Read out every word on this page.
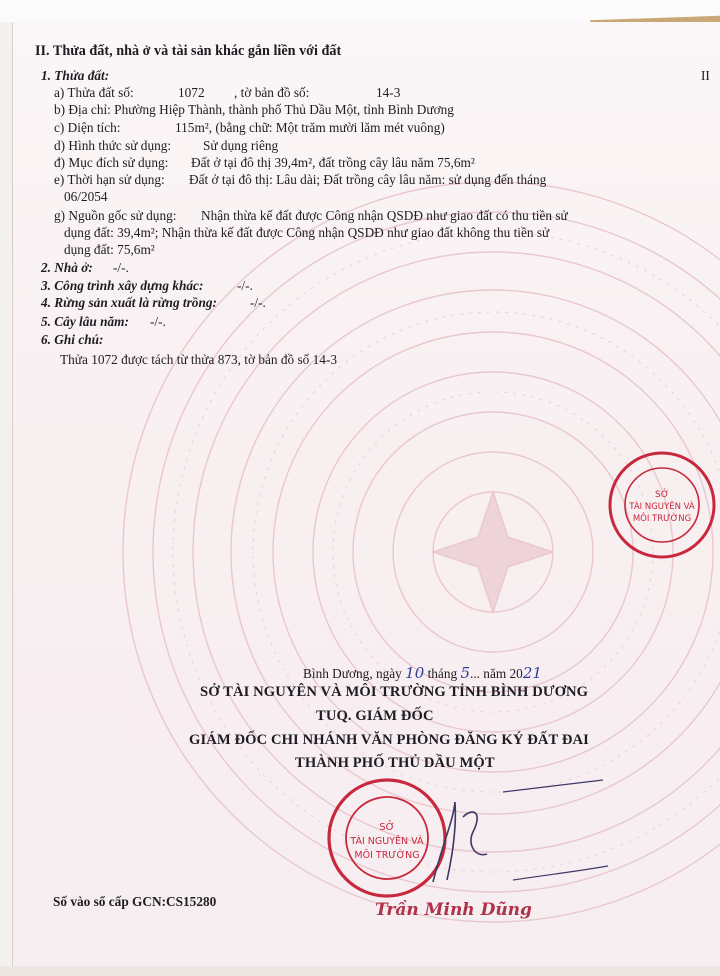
II. Thửa đất, nhà ở và tài sản khác gắn liền với đất
II
1. Thửa đất:
a) Thửa đất số:	1072 , tờ bản đồ số:	14-3
b) Địa chỉ: Phường Hiệp Thành, thành phố Thủ Dầu Một, tỉnh Bình Dương
c) Diện tích:	115m², (bằng chữ: Một trăm mười lăm mét vuông)
d) Hình thức sử dụng: Sử dụng riêng
đ) Mục đích sử dụng: Đất ở tại đô thị 39,4m², đất trồng cây lâu năm 75,6m²
e) Thời hạn sử dụng: Đất ở tại đô thị: Lâu dài; Đất trồng cây lâu năm: sử dụng đến tháng
06/2054
g) Nguồn gốc sử dụng: Nhận thừa kế đất được Công nhận QSDĐ như giao đất có thu tiền sử
dụng đất: 39,4m²; Nhận thừa kế đất được Công nhận QSDĐ như giao đất không thu tiền sử
dụng đất: 75,6m²
2. Nhà ở: -/-.
3. Công trình xây dựng khác:	-/-.
4. Rừng sản xuất là rừng trồng: -/-.
5. Cây lâu năm: -/-.
6. Ghi chú:
Thửa 1072 được tách từ thửa 873, tờ bản đồ số 14-3
SỞ
TÀI NGUYÊN VÀ
MÔI TRƯỜNG
Bình Dương, ngày 10 tháng 5... năm 2021
SỞ TÀI NGUYÊN VÀ MÔI TRƯỜNG TỈNH BÌNH DƯƠNG
TUQ. GIÁM ĐỐC
GIÁM ĐỐC CHI NHÁNH VĂN PHÒNG ĐĂNG KÝ ĐẤT ĐAI
THÀNH PHỐ THỦ DẦU MỘT
SỞ
TÀI NGUYÊN VÀ
MÔI TRƯỜNG
Trần Minh Dũng
Số vào sổ cấp GCN:CS15280
